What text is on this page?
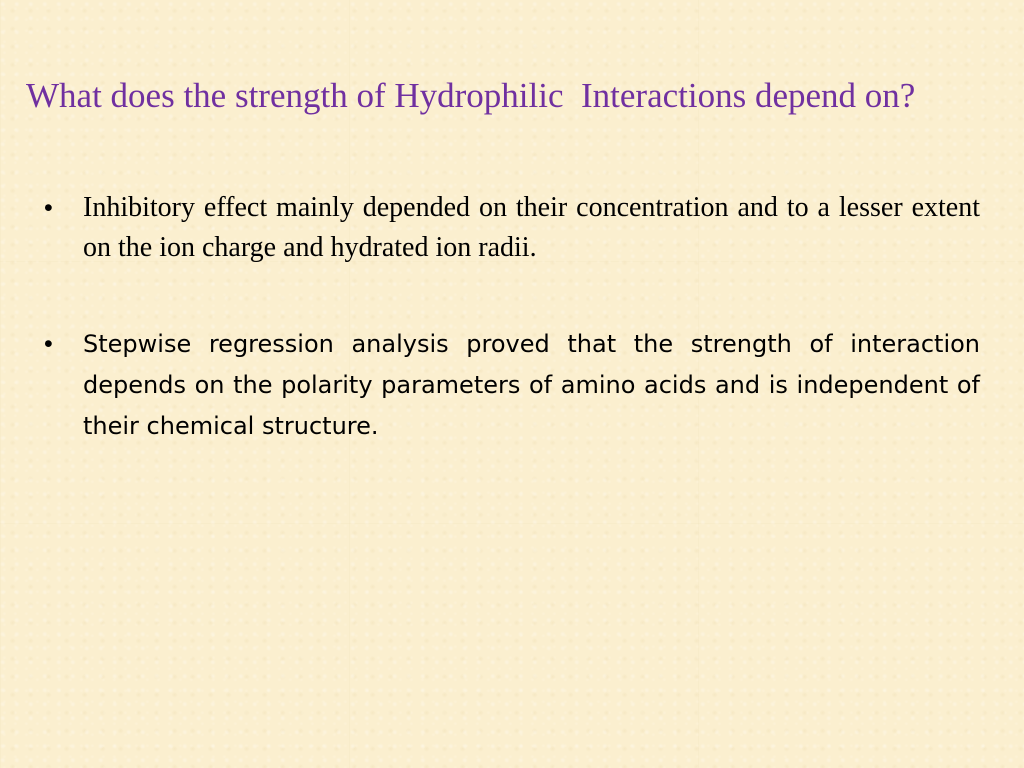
What does the strength of Hydrophilic  Interactions depend on?
•	Inhibitory effect mainly depended on their concentration and to a lesser extent on the ion charge and hydrated ion radii.
•	Stepwise regression analysis proved that the strength of interaction depends on the polarity parameters of amino acids and is independent of their chemical structure.
